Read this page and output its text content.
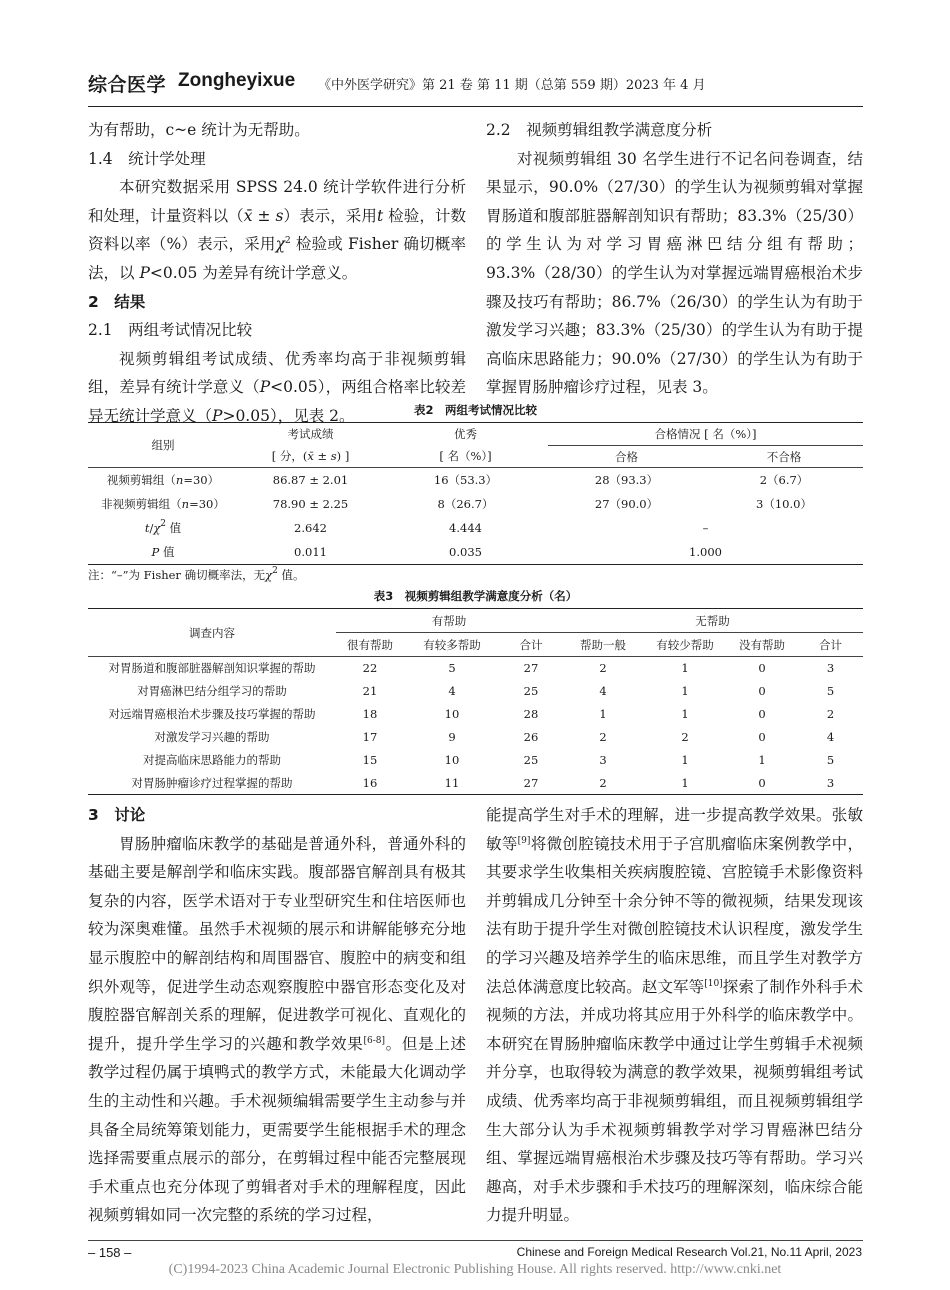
综合医学 Zongheyixue 《中外医学研究》第 21 卷 第 11 期（总第 559 期）2023 年 4 月

为有帮助，c~e 统计为无帮助。

1.4　统计学处理

本研究数据采用 SPSS 24.0 统计学软件进行分析和处理，计量资料以（x̄ ± s）表示，采用t 检验，计数资料以率（%）表示，采用$\chi^2$ 检验或 Fisher 确切概率法，以 P<0.05 为差异有统计学意义。

2　结果

2.1　两组考试情况比较

视频剪辑组考试成绩、优秀率均高于非视频剪辑组，差异有统计学意义（P<0.05），两组合格率比较差异无统计学意义（P>0.05），见表 2。

2.2　视频剪辑组教学满意度分析

对视频剪辑组 30 名学生进行不记名问卷调查，结果显示，90.0%（27/30）的学生认为视频剪辑对掌握胃肠道和腹部脏器解剖知识有帮助；83.3%（25/30）的学生认为对学习胃癌淋巴结分组有帮助；93.3%（28/30）的学生认为对掌握远端胃癌根治术步骤及技巧有帮助；86.7%（26/30）的学生认为有助于激发学习兴趣；83.3%（25/30）的学生认为有助于提高临床思路能力；90.0%（27/30）的学生认为有助于掌握胃肠肿瘤诊疗过程，见表 3。

表2　两组考试情况比较
组别	考试成绩	优秀	合格情况 [ 名（%）]	
	[ 分，(x̄ ± s) ]	[ 名（%）]	合格	不合格
视频剪辑组（n=30）	86.87 ± 2.01	16（53.3）	28（93.3）	2（6.7）
非视频剪辑组（n=30）	78.90 ± 2.25	8（26.7）	27（90.0）	3（10.0）
$t/\chi^2$ 值	2.642	4.444	–	
P 值	0.011	0.035	1.000	
注：“–”为 Fisher 确切概率法，无$\chi^2$ 值。
表3　视频剪辑组教学满意度分析（名）
调查内容	有帮助			无帮助			
	很有帮助	有较多帮助	合计	帮助一般	有较少帮助	没有帮助	合计
对胃肠道和腹部脏器解剖知识掌握的帮助	22	5	27	2	1	0	3
对胃癌淋巴结分组学习的帮助	21	4	25	4	1	0	5
对远端胃癌根治术步骤及技巧掌握的帮助	18	10	28	1	1	0	2
对激发学习兴趣的帮助	17	9	26	2	2	0	4
对提高临床思路能力的帮助	15	10	25	3	1	1	5
对胃肠肿瘤诊疗过程掌握的帮助	16	11	27	2	1	0	3

3　讨论

胃肠肿瘤临床教学的基础是普通外科，普通外科的基础主要是解剖学和临床实践。腹部器官解剖具有极其复杂的内容，医学术语对于专业型研究生和住培医师也较为深奥难懂。虽然手术视频的展示和讲解能够充分地显示腹腔中的解剖结构和周围器官、腹腔中的病变和组织外观等，促进学生动态观察腹腔中器官形态变化及对腹腔器官解剖关系的理解，促进教学可视化、直观化的提升，提升学生学习的兴趣和教学效果[6-8]。但是上述教学过程仍属于填鸭式的教学方式，未能最大化调动学生的主动性和兴趣。手术视频编辑需要学生主动参与并具备全局统筹策划能力，更需要学生能根据手术的理念选择需要重点展示的部分，在剪辑过程中能否完整展现手术重点也充分体现了剪辑者对手术的理解程度，因此视频剪辑如同一次完整的系统的学习过程，

能提高学生对手术的理解，进一步提高教学效果。张敏敏等[9]将微创腔镜技术用于子宫肌瘤临床案例教学中，其要求学生收集相关疾病腹腔镜、宫腔镜手术影像资料并剪辑成几分钟至十余分钟不等的微视频，结果发现该法有助于提升学生对微创腔镜技术认识程度，激发学生的学习兴趣及培养学生的临床思维，而且学生对教学方法总体满意度比较高。赵文军等[10]探索了制作外科手术视频的方法，并成功将其应用于外科学的临床教学中。本研究在胃肠肿瘤临床教学中通过让学生剪辑手术视频并分享，也取得较为满意的教学效果，视频剪辑组考试成绩、优秀率均高于非视频剪辑组，而且视频剪辑组学生大部分认为手术视频剪辑教学对学习胃癌淋巴结分组、掌握远端胃癌根治术步骤及技巧等有帮助。学习兴趣高，对手术步骤和手术技巧的理解深刻，临床综合能力提升明显。

– 158 –	Chinese and Foreign Medical Research Vol.21, No.11 April, 2023
(C)1994-2023 China Academic Journal Electronic Publishing House. All rights reserved. http://www.cnki.net
